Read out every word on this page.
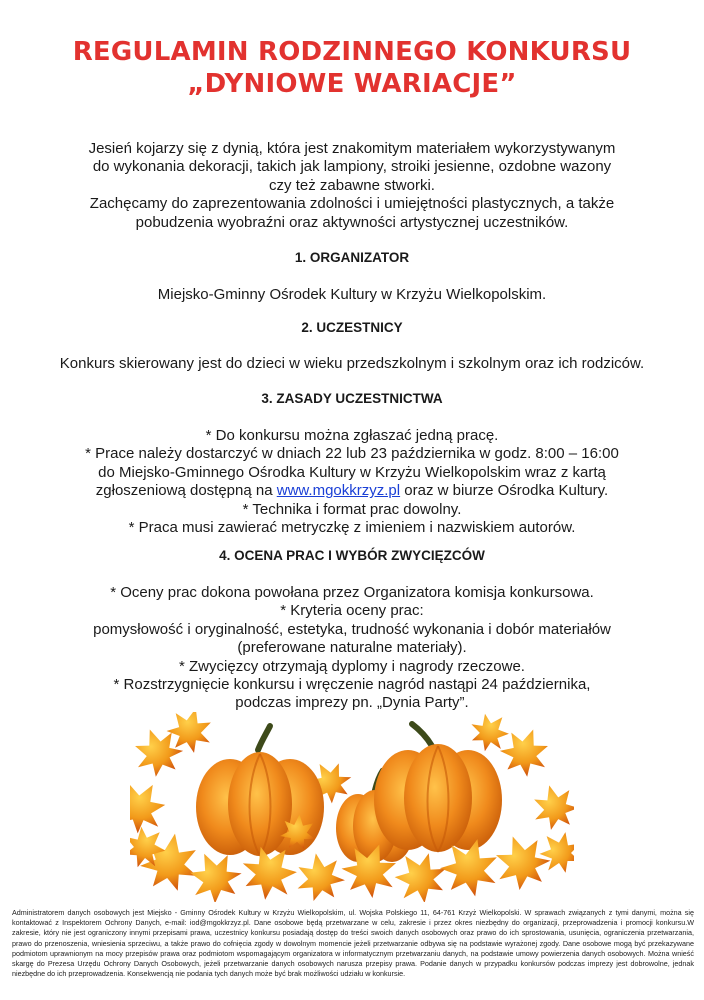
REGULAMIN RODZINNEGO KONKURSU
„DYNIOWE WARIACJE”
Jesień kojarzy się z dynią, która jest znakomitym materiałem wykorzystywanym
do wykonania dekoracji, takich jak lampiony, stroiki jesienne, ozdobne wazony
czy też zabawne stworki.
Zachęcamy do zaprezentowania zdolności i umiejętności plastycznych, a także
pobudzenia wyobraźni oraz aktywności artystycznej uczestników.
1. ORGANIZATOR
Miejsko-Gminny Ośrodek Kultury w Krzyżu Wielkopolskim.
2. UCZESTNICY
Konkurs skierowany jest do dzieci w wieku przedszkolnym i szkolnym oraz ich rodziców.
3. ZASADY UCZESTNICTWA
* Do konkursu można zgłaszać jedną pracę.
* Prace należy dostarczyć w dniach 22 lub 23 października w godz. 8:00 – 16:00
do Miejsko-Gminnego Ośrodka Kultury w Krzyżu Wielkopolskim wraz z kartą
zgłoszeniową dostępną na www.mgokkrzyz.pl oraz w biurze Ośrodka Kultury.
* Technika i format prac dowolny.
* Praca musi zawierać metryczkę z imieniem i nazwiskiem autorów.
4. OCENA PRAC I WYBÓR ZWYCIĘZCÓW
* Oceny prac dokona powołana przez Organizatora komisja konkursowa.
* Kryteria oceny prac:
pomysłowość i oryginalność, estetyka, trudność wykonania i dobór materiałów
(preferowane naturalne materiały).
* Zwycięzcy otrzymają dyplomy i nagrody rzeczowe.
* Rozstrzygnięcie konkursu i wręczenie nagród nastąpi 24 października,
podczas imprezy pn. „Dynia Party”.
Administratorem danych osobowych jest Miejsko - Gminny Ośrodek Kultury w Krzyżu Wielkopolskim, ul. Wojska Polskiego 11, 64-761 Krzyż Wielkopolski. W sprawach związanych z tymi danymi, można się kontaktować z Inspektorem Ochrony Danych, e-mail: iod@mgokkrzyz.pl. Dane osobowe będą przetwarzane w celu, zakresie i przez okres niezbędny do organizacji, przeprowadzenia i promocji konkursu.W zakresie, który nie jest ograniczony innymi przepisami prawa, uczestnicy konkursu posiadają dostęp do treści swoich danych osobowych oraz prawo do ich sprostowania, usunięcia, ograniczenia przetwarzania, prawo do przenoszenia, wniesienia sprzeciwu, a także prawo do cofnięcia zgody w dowolnym momencie jeżeli przetwarzanie odbywa się na podstawie wyrażonej zgody. Dane osobowe mogą być przekazywane podmiotom uprawnionym na mocy przepisów prawa oraz podmiotom wspomagającym organizatora w informatycznym przetwarzaniu danych, na podstawie umowy powierzenia danych osobowych. Można wnieść skargę do Prezesa Urzędu Ochrony Danych Osobowych, jeżeli przetwarzanie danych osobowych narusza przepisy prawa. Podanie danych w przypadku konkursów podczas imprezy jest dobrowolne, jednak niezbędne do ich przeprowadzenia. Konsekwencją nie podania tych danych może być brak możliwości udziału w konkursie.
